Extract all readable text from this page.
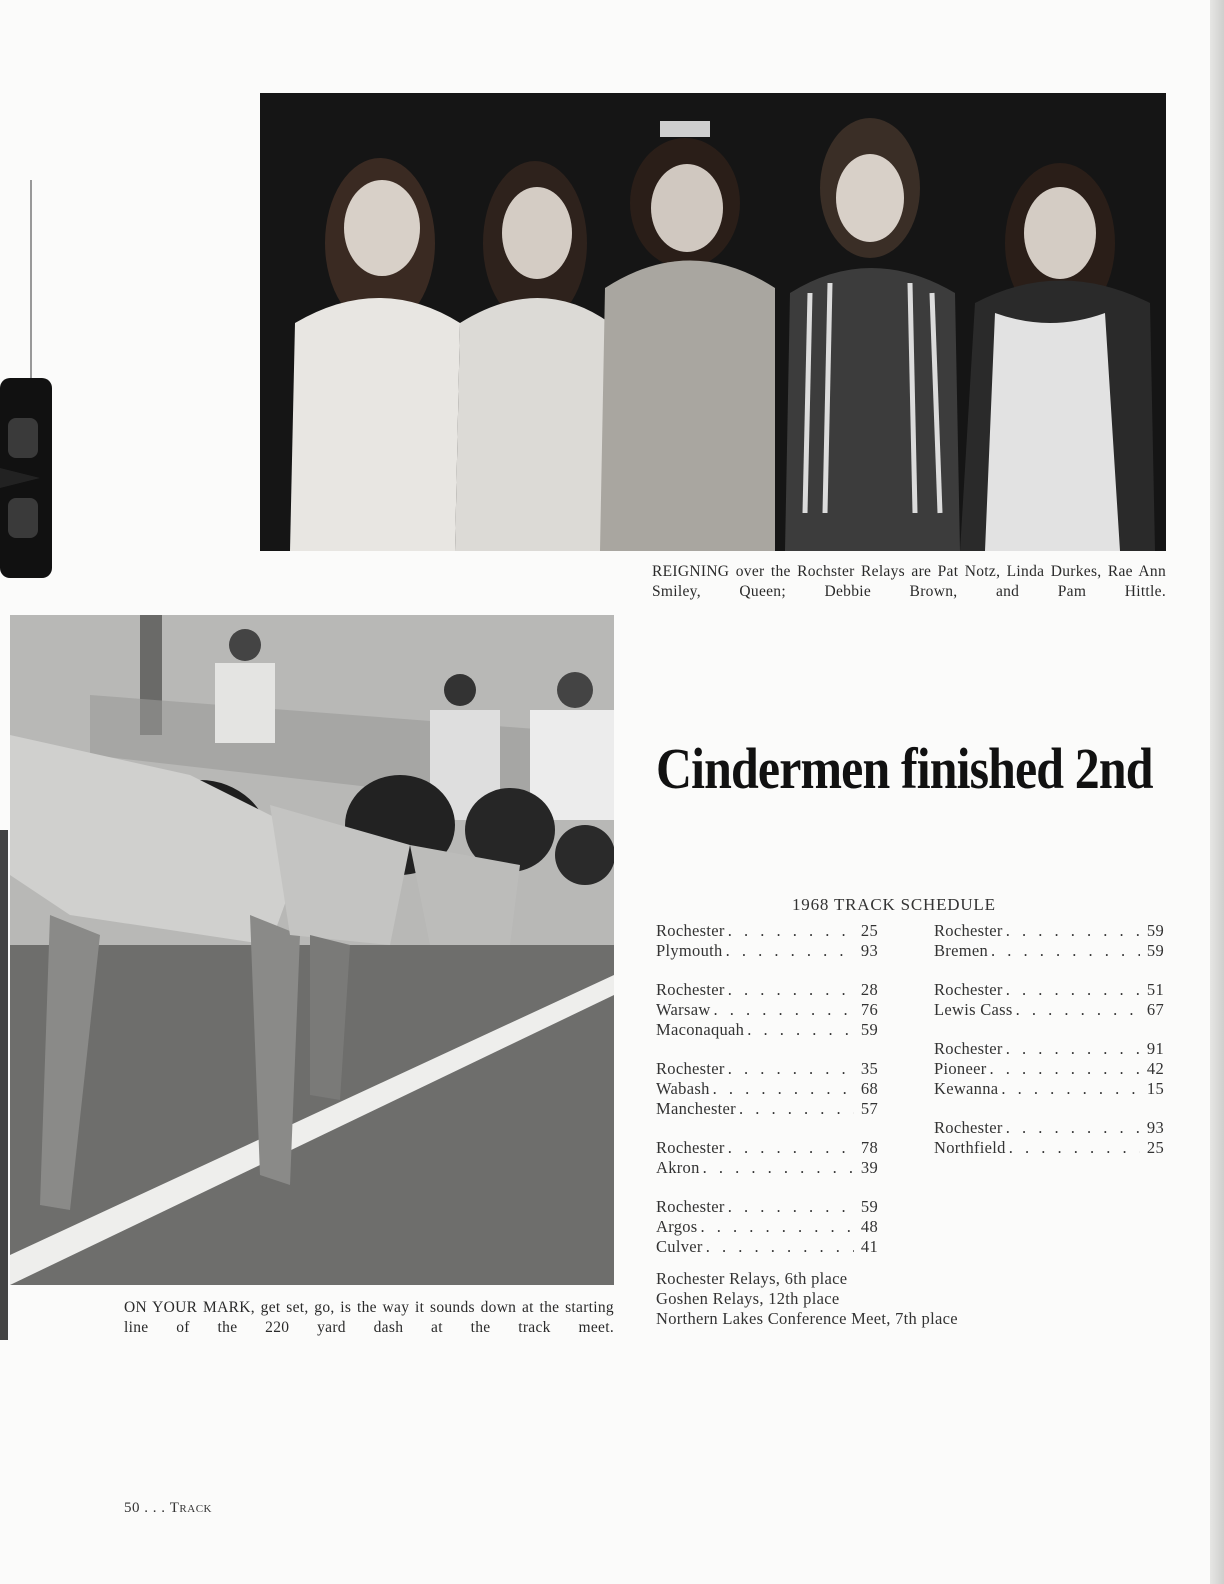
REIGNING over the Rochster Relays are Pat Notz, Linda Durkes, Rae Ann Smiley, Queen; Debbie Brown, and Pam Hittle.
ON YOUR MARK, get set, go, is the way it sounds down at the starting line of the 220 yard dash at the track meet.
Cindermen finished 2nd
1968 TRACK SCHEDULE
Rochester . . .	25
Plymouth . . .	93
Rochester . . .	28
Warsaw . . .	76
Maconaquah . . .	59
Rochester . . .	35
Wabash . . .	68
Manchester . . .	57
Rochester . . .	78
Akron . . .	39
Rochester . . .	59
Argos . . .	48
Culver . . .	41
Rochester . . .	59
Bremen . . .	59
Rochester . . .	51
Lewis Cass . . .	67
Rochester . . .	91
Pioneer . . .	42
Kewanna . . .	15
Rochester . . .	93
Northfield . . .	25
Rochester Relays, 6th place
Goshen Relays, 12th place
Northern Lakes Conference Meet, 7th place
50 . . . Track
